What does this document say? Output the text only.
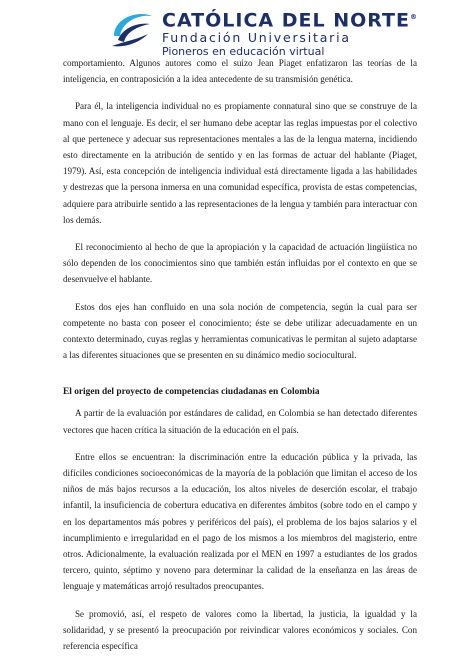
CATÓLICA DEL NORTE®
Fundación Universitaria
Pioneros en educación virtual

comportamiento. Algunos autores como el suizo Jean Piaget enfatizaron las teorías de la inteligencia, en contraposición a la idea antecedente de su transmisión genética.

Para él, la inteligencia individual no es propiamente connatural sino que se construye de la mano con el lenguaje. Es decir, el ser humano debe aceptar las reglas impuestas por el colectivo al que pertenece y adecuar sus representaciones mentales a las de la lengua materna, incidiendo esto directamente en la atribución de sentido y en las formas de actuar del hablante (Piaget, 1979). Así, esta concepción de inteligencia individual está directamente ligada a las habilidades y destrezas que la persona inmersa en una comunidad específica, provista de estas competencias, adquiere para atribuirle sentido a las representaciones de la lengua y también para interactuar con los demás.

El reconocimiento al hecho de que la apropiación y la capacidad de actuación lingüística no sólo dependen de los conocimientos sino que también están influidas por el contexto en que se desenvuelve el hablante.

Estos dos ejes han confluido en una sola noción de competencia, según la cual para ser competente no basta con poseer el conocimiento; éste se debe utilizar adecuadamente en un contexto determinado, cuyas reglas y herramientas comunicativas le permitan al sujeto adaptarse a las diferentes situaciones que se presenten en su dinámico medio sociocultural.

El origen del proyecto de competencias ciudadanas en Colombia

A partir de la evaluación por estándares de calidad, en Colombia se han detectado diferentes vectores que hacen crítica la situación de la educación en el país.

Entre ellos se encuentran: la discriminación entre la educación pública y la privada, las difíciles condiciones socioeconómicas de la mayoría de la población que limitan el acceso de los niños de más bajos recursos a la educación, los altos niveles de deserción escolar, el trabajo infantil, la insuficiencia de cobertura educativa en diferentes ámbitos (sobre todo en el campo y en los departamentos más pobres y periféricos del país), el problema de los bajos salarios y el incumplimiento e irregularidad en el pago de los mismos a los miembros del magisterio, entre otros. Adicionalmente, la evaluación realizada por el MEN en 1997 a estudiantes de los grados tercero, quinto, séptimo y noveno para determinar la calidad de la enseñanza en las áreas de lenguaje y matemáticas arrojó resultados preocupantes.

Se promovió, así, el respeto de valores como la libertad, la justicia, la igualdad y la solidaridad, y se presentó la preocupación por reivindicar valores económicos y sociales. Con referencia específica
